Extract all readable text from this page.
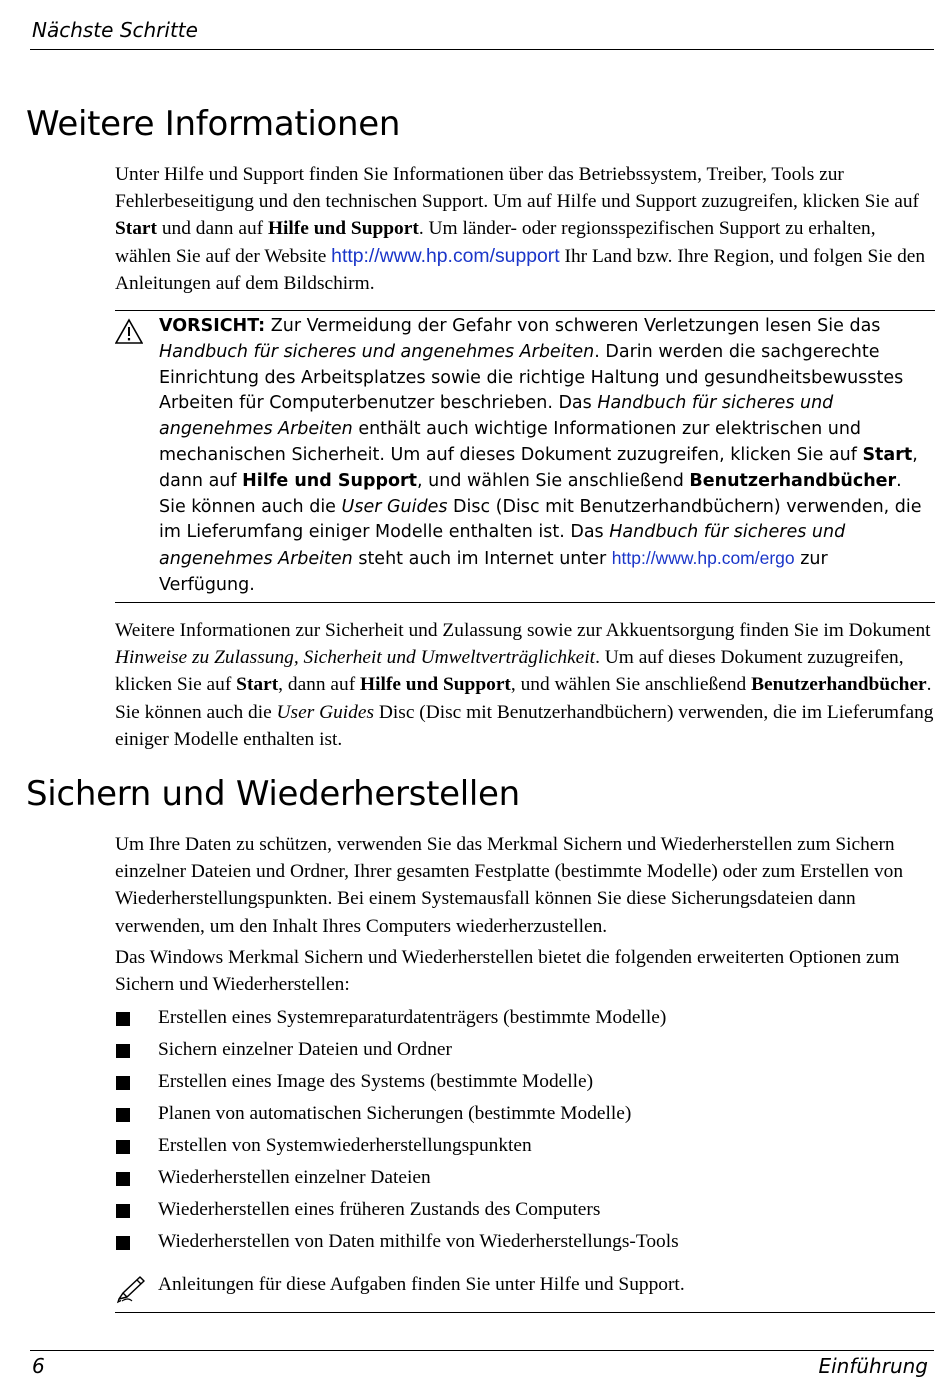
Nächste Schritte
Weitere Informationen
Unter Hilfe und Support finden Sie Informationen über das Betriebssystem, Treiber, Tools zur Fehlerbeseitigung und den technischen Support. Um auf Hilfe und Support zuzugreifen, klicken Sie auf Start und dann auf Hilfe und Support. Um länder- oder regionsspezifischen Support zu erhalten, wählen Sie auf der Website http://www.hp.com/support Ihr Land bzw. Ihre Region, und folgen Sie den Anleitungen auf dem Bildschirm.
VORSICHT: Zur Vermeidung der Gefahr von schweren Verletzungen lesen Sie das Handbuch für sicheres und angenehmes Arbeiten. Darin werden die sachgerechte Einrichtung des Arbeitsplatzes sowie die richtige Haltung und gesundheitsbewusstes Arbeiten für Computerbenutzer beschrieben. Das Handbuch für sicheres und angenehmes Arbeiten enthält auch wichtige Informationen zur elektrischen und mechanischen Sicherheit. Um auf dieses Dokument zuzugreifen, klicken Sie auf Start, dann auf Hilfe und Support, und wählen Sie anschließend Benutzerhandbücher. Sie können auch die User Guides Disc (Disc mit Benutzerhandbüchern) verwenden, die im Lieferumfang einiger Modelle enthalten ist. Das Handbuch für sicheres und angenehmes Arbeiten steht auch im Internet unter http://www.hp.com/ergo zur Verfügung.
Weitere Informationen zur Sicherheit und Zulassung sowie zur Akkuentsorgung finden Sie im Dokument Hinweise zu Zulassung, Sicherheit und Umweltverträglichkeit. Um auf dieses Dokument zuzugreifen, klicken Sie auf Start, dann auf Hilfe und Support, und wählen Sie anschließend Benutzerhandbücher. Sie können auch die User Guides Disc (Disc mit Benutzerhandbüchern) verwenden, die im Lieferumfang einiger Modelle enthalten ist.
Sichern und Wiederherstellen
Um Ihre Daten zu schützen, verwenden Sie das Merkmal Sichern und Wiederherstellen zum Sichern einzelner Dateien und Ordner, Ihrer gesamten Festplatte (bestimmte Modelle) oder zum Erstellen von Wiederherstellungspunkten. Bei einem Systemausfall können Sie diese Sicherungsdateien dann verwenden, um den Inhalt Ihres Computers wiederherzustellen.
Das Windows Merkmal Sichern und Wiederherstellen bietet die folgenden erweiterten Optionen zum Sichern und Wiederherstellen:
Erstellen eines Systemreparaturdatenträgers (bestimmte Modelle)
Sichern einzelner Dateien und Ordner
Erstellen eines Image des Systems (bestimmte Modelle)
Planen von automatischen Sicherungen (bestimmte Modelle)
Erstellen von Systemwiederherstellungspunkten
Wiederherstellen einzelner Dateien
Wiederherstellen eines früheren Zustands des Computers
Wiederherstellen von Daten mithilfe von Wiederherstellungs-Tools
Anleitungen für diese Aufgaben finden Sie unter Hilfe und Support.
6	Einführung
